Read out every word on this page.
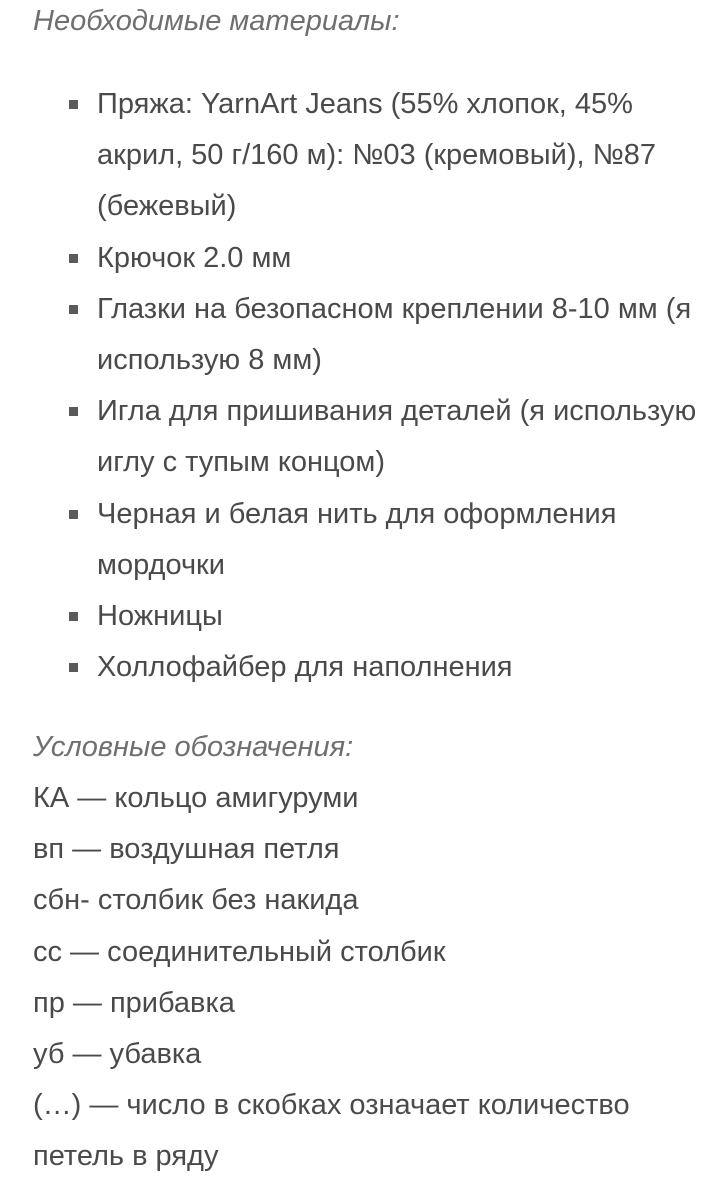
Необходимые материалы:

Пряжа: YarnArt Jeans (55% хлопок, 45% акрил, 50 г/160 м): №03 (кремовый), №87 (бежевый)
Крючок 2.0 мм
Глазки на безопасном креплении 8-10 мм (я использую 8 мм)
Игла для пришивания деталей (я использую иглу с тупым концом)
Черная и белая нить для оформления мордочки
Ножницы
Холлофайбер для наполнения

Условные обозначения:

КА — кольцо амигуруми
вп — воздушная петля
сбн- столбик без накида
сс — соединительный столбик
пр — прибавка
уб — убавка
(…) — число в скобках означает количество петель в ряду
